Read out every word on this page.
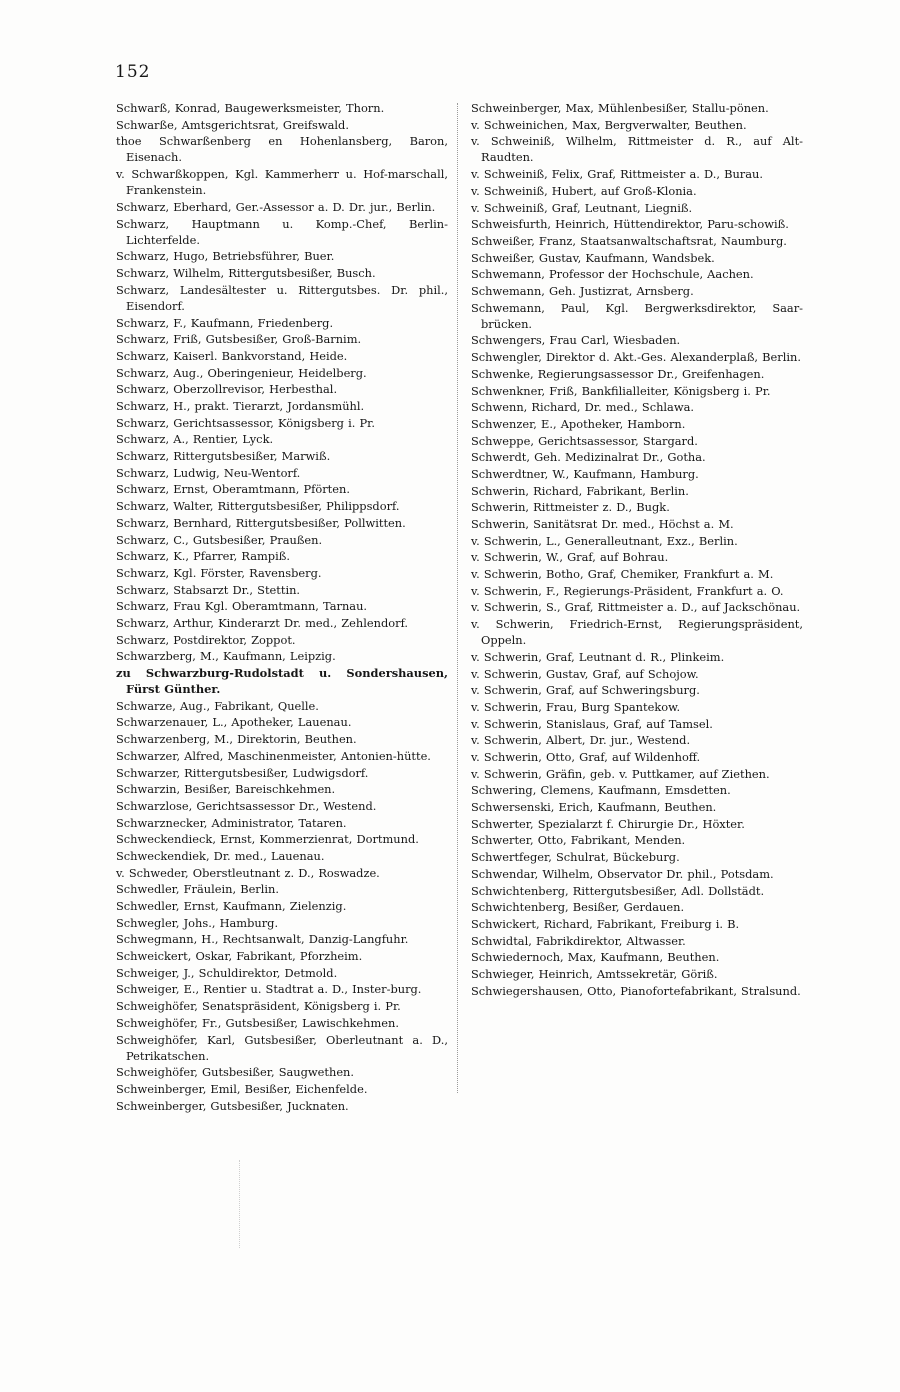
152

Schwarß, Konrad, Baugewerksmeister, Thorn.

Schwarße, Amtsgerichtsrat, Greifswald.

thoe Schwarßenberg en Hohenlansberg, Baron, Eisenach.

v. Schwarßkoppen, Kgl. Kammerherr u. Hof-marschall, Frankenstein.

Schwarz, Eberhard, Ger.-Assessor a. D. Dr. jur., Berlin.

Schwarz, Hauptmann u. Komp.-Chef, Berlin-Lichterfelde.

Schwarz, Hugo, Betriebsführer, Buer.

Schwarz, Wilhelm, Rittergutsbesißer, Busch.

Schwarz, Landesältester u. Rittergutsbes. Dr. phil., Eisendorf.

Schwarz, F., Kaufmann, Friedenberg.

Schwarz, Friß, Gutsbesißer, Groß-Barnim.

Schwarz, Kaiserl. Bankvorstand, Heide.

Schwarz, Aug., Oberingenieur, Heidelberg.

Schwarz, Oberzollrevisor, Herbesthal.

Schwarz, H., prakt. Tierarzt, Jordansmühl.

Schwarz, Gerichtsassessor, Königsberg i. Pr.

Schwarz, A., Rentier, Lyck.

Schwarz, Rittergutsbesißer, Marwiß.

Schwarz, Ludwig, Neu-Wentorf.

Schwarz, Ernst, Oberamtmann, Pförten.

Schwarz, Walter, Rittergutsbesißer, Philippsdorf.

Schwarz, Bernhard, Rittergutsbesißer, Pollwitten.

Schwarz, C., Gutsbesißer, Praußen.

Schwarz, K., Pfarrer, Rampiß.

Schwarz, Kgl. Förster, Ravensberg.

Schwarz, Stabsarzt Dr., Stettin.

Schwarz, Frau Kgl. Oberamtmann, Tarnau.

Schwarz, Arthur, Kinderarzt Dr. med., Zehlendorf.

Schwarz, Postdirektor, Zoppot.

Schwarzberg, M., Kaufmann, Leipzig.

zu Schwarzburg-Rudolstadt u. Sondershausen, Fürst Günther.

Schwarze, Aug., Fabrikant, Quelle.

Schwarzenauer, L., Apotheker, Lauenau.

Schwarzenberg, M., Direktorin, Beuthen.

Schwarzer, Alfred, Maschinenmeister, Antonien-hütte.

Schwarzer, Rittergutsbesißer, Ludwigsdorf.

Schwarzin, Besißer, Bareischkehmen.

Schwarzlose, Gerichtsassessor Dr., Westend.

Schwarznecker, Administrator, Tataren.

Schweckendieck, Ernst, Kommerzienrat, Dortmund.

Schweckendiek, Dr. med., Lauenau.

v. Schweder, Oberstleutnant z. D., Roswadze.

Schwedler, Fräulein, Berlin.

Schwedler, Ernst, Kaufmann, Zielenzig.

Schwegler, Johs., Hamburg.

Schwegmann, H., Rechtsanwalt, Danzig-Langfuhr.

Schweickert, Oskar, Fabrikant, Pforzheim.

Schweiger, J., Schuldirektor, Detmold.

Schweiger, E., Rentier u. Stadtrat a. D., Inster-burg.

Schweighöfer, Senatspräsident, Königsberg i. Pr.

Schweighöfer, Fr., Gutsbesißer, Lawischkehmen.

Schweighöfer, Karl, Gutsbesißer, Oberleutnant a. D., Petrikatschen.

Schweighöfer, Gutsbesißer, Saugwethen.

Schweinberger, Emil, Besißer, Eichenfelde.

Schweinberger, Gutsbesißer, Jucknaten.

Schweinberger, Max, Mühlenbesißer, Stallu-pönen.

v. Schweinichen, Max, Bergverwalter, Beuthen.

v. Schweiniß, Wilhelm, Rittmeister d. R., auf Alt-Raudten.

v. Schweiniß, Felix, Graf, Rittmeister a. D., Burau.

v. Schweiniß, Hubert, auf Groß-Klonia.

v. Schweiniß, Graf, Leutnant, Liegniß.

Schweisfurth, Heinrich, Hüttendirektor, Paru-schowiß.

Schweißer, Franz, Staatsanwaltschaftsrat, Naumburg.

Schweißer, Gustav, Kaufmann, Wandsbek.

Schwemann, Professor der Hochschule, Aachen.

Schwemann, Geh. Justizrat, Arnsberg.

Schwemann, Paul, Kgl. Bergwerksdirektor, Saar-brücken.

Schwengers, Frau Carl, Wiesbaden.

Schwengler, Direktor d. Akt.-Ges. Alexanderplaß, Berlin.

Schwenke, Regierungsassessor Dr., Greifenhagen.

Schwenkner, Friß, Bankfilialleiter, Königsberg i. Pr.

Schwenn, Richard, Dr. med., Schlawa.

Schwenzer, E., Apotheker, Hamborn.

Schweppe, Gerichtsassessor, Stargard.

Schwerdt, Geh. Medizinalrat Dr., Gotha.

Schwerdtner, W., Kaufmann, Hamburg.

Schwerin, Richard, Fabrikant, Berlin.

Schwerin, Rittmeister z. D., Bugk.

Schwerin, Sanitätsrat Dr. med., Höchst a. M.

v. Schwerin, L., Generalleutnant, Exz., Berlin.

v. Schwerin, W., Graf, auf Bohrau.

v. Schwerin, Botho, Graf, Chemiker, Frankfurt a. M.

v. Schwerin, F., Regierungs-Präsident, Frankfurt a. O.

v. Schwerin, S., Graf, Rittmeister a. D., auf Jackschönau.

v. Schwerin, Friedrich-Ernst, Regierungspräsident, Oppeln.

v. Schwerin, Graf, Leutnant d. R., Plinkeim.

v. Schwerin, Gustav, Graf, auf Schojow.

v. Schwerin, Graf, auf Schweringsburg.

v. Schwerin, Frau, Burg Spantekow.

v. Schwerin, Stanislaus, Graf, auf Tamsel.

v. Schwerin, Albert, Dr. jur., Westend.

v. Schwerin, Otto, Graf, auf Wildenhoff.

v. Schwerin, Gräfin, geb. v. Puttkamer, auf Ziethen.

Schwering, Clemens, Kaufmann, Emsdetten.

Schwersenski, Erich, Kaufmann, Beuthen.

Schwerter, Spezialarzt f. Chirurgie Dr., Höxter.

Schwerter, Otto, Fabrikant, Menden.

Schwertfeger, Schulrat, Bückeburg.

Schwendar, Wilhelm, Observator Dr. phil., Potsdam.

Schwichtenberg, Rittergutsbesißer, Adl. Dollstädt.

Schwichtenberg, Besißer, Gerdauen.

Schwickert, Richard, Fabrikant, Freiburg i. B.

Schwidtal, Fabrikdirektor, Altwasser.

Schwiedernoch, Max, Kaufmann, Beuthen.

Schwieger, Heinrich, Amtssekretär, Göriß.

Schwiegershausen, Otto, Pianofortefabrikant, Stralsund.
